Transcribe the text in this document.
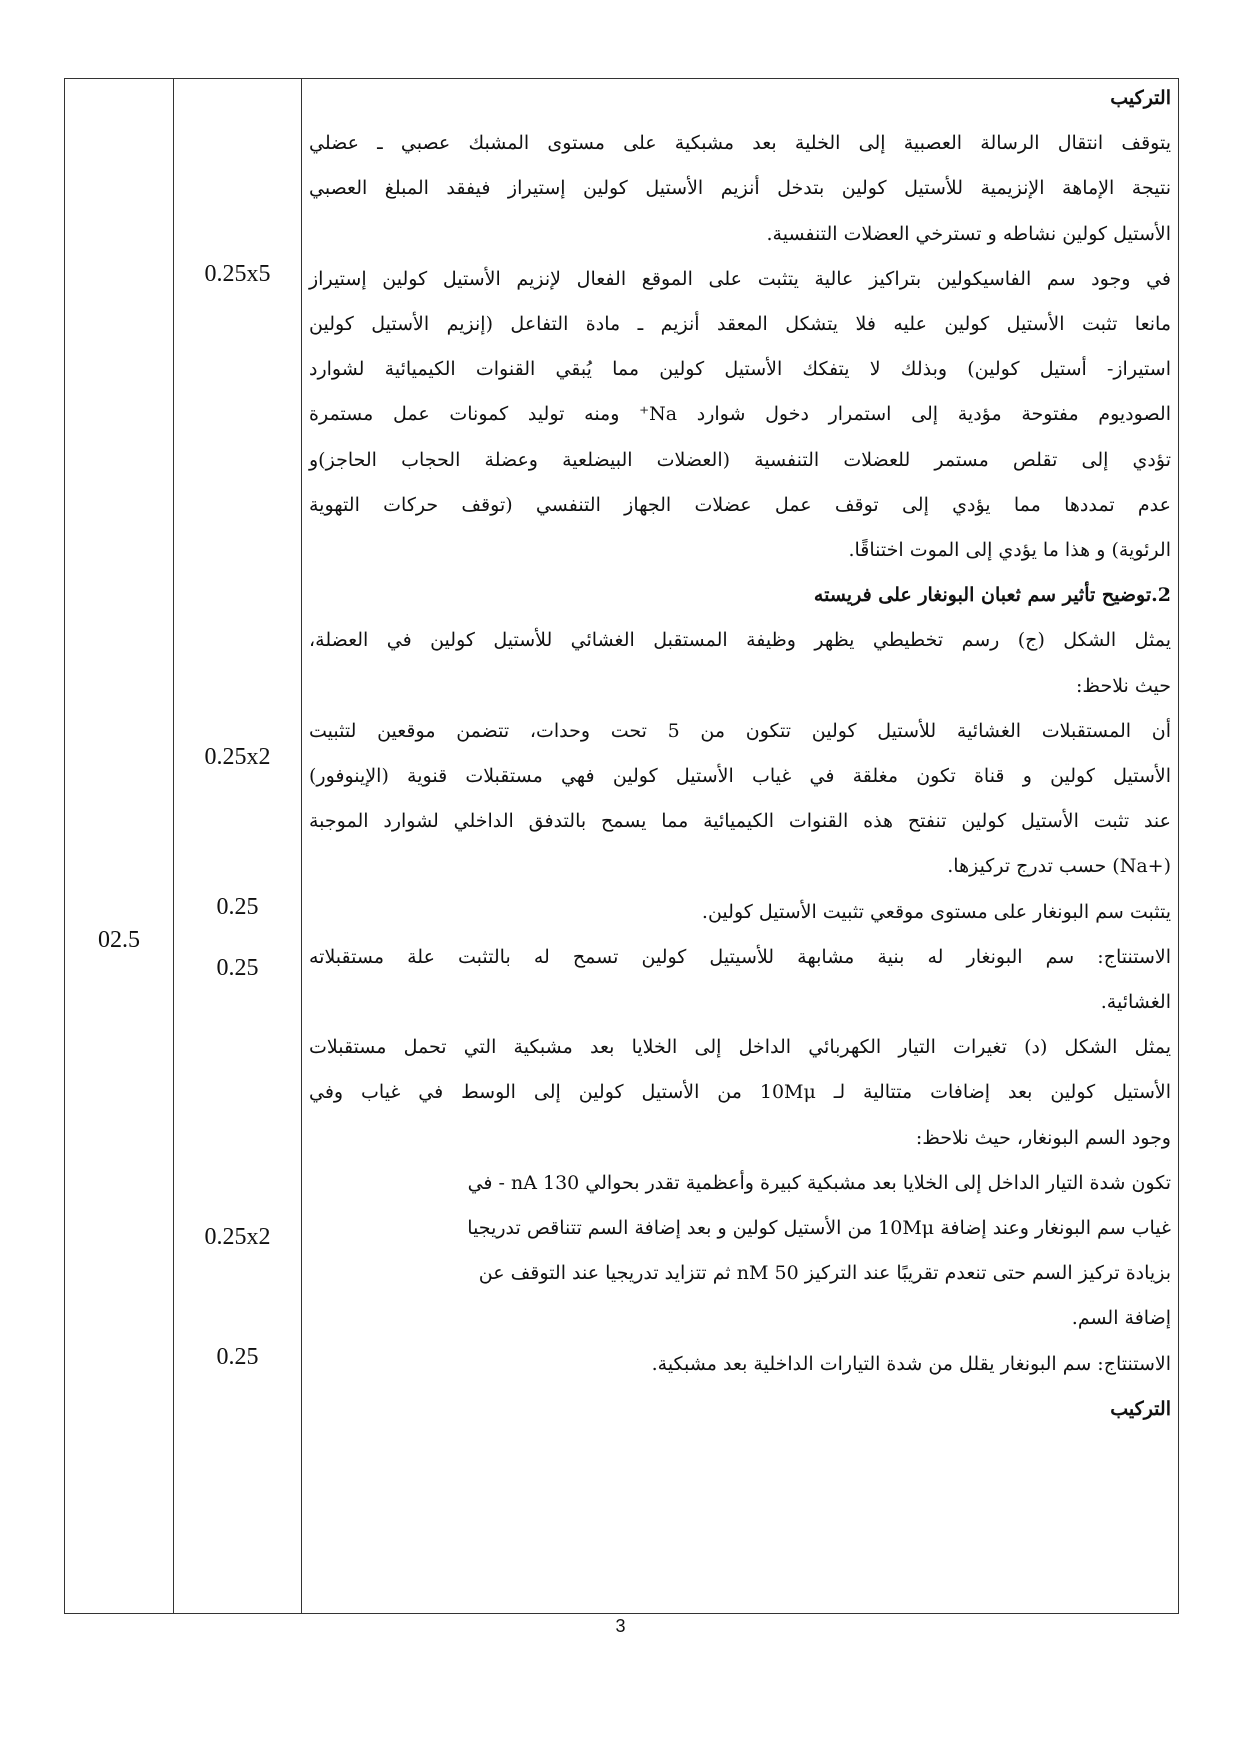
02.5
0.25x5
0.25x2
0.25
0.25
0.25x2
0.25
التركيب
يتوقف انتقال الرسالة العصبية إلى الخلية بعد مشبكية على مستوى المشبك عصبي ـ عضلي
نتيجة الإماهة الإنزيمية للأستيل كولين بتدخل أنزيم الأستيل كولين إستيراز فيفقد المبلغ العصبي
الأستيل كولين نشاطه و تسترخي العضلات التنفسية.
في وجود سم الفاسيكولين بتراكيز عالية يتثبت على الموقع الفعال لإنزيم الأستيل كولين إستيراز
مانعا تثبت الأستيل كولين عليه فلا يتشكل المعقد أنزيم ـ مادة التفاعل (إنزيم الأستيل كولين
استيراز- أستيل كولين) وبذلك لا يتفكك الأستيل كولين مما يُبقي القنوات الكيميائية لشوارد
الصوديوم مفتوحة مؤدية إلى استمرار دخول شوارد Na⁺ ومنه توليد كمونات عمل مستمرة
تؤدي إلى تقلص مستمر للعضلات التنفسية (العضلات البيضلعية وعضلة الحجاب الحاجز)و
عدم تمددها مما يؤدي إلى توقف عمل عضلات الجهاز التنفسي (توقف حركات التهوية
الرئوية) و هذا ما يؤدي إلى الموت اختناقًا.
2.توضيح تأثير سم ثعبان البونغار على فريسته
يمثل الشكل (ج) رسم تخطيطي يظهر وظيفة المستقبل الغشائي للأستيل كولين في العضلة،
حيث نلاحظ:
أن المستقبلات الغشائية للأستيل كولين تتكون من 5 تحت وحدات، تتضمن موقعين لتثبيت
الأستيل كولين و قناة تكون مغلقة في غياب الأستيل كولين فهي مستقبلات قنوية (الإينوفور)
عند تثبت الأستيل كولين تنفتح هذه القنوات الكيميائية مما يسمح بالتدفق الداخلي لشوارد الموجبة
(+Na) حسب تدرج تركيزها.
يتثبت سم البونغار على مستوى موقعي تثبيت الأستيل كولين.
الاستنتاج: سم البونغار له بنية مشابهة للأسيتيل كولين تسمح له بالتثبت علة مستقبلاته
الغشائية.
يمثل الشكل (د) تغيرات التيار الكهربائي الداخل إلى الخلايا بعد مشبكية التي تحمل مستقبلات
الأستيل كولين بعد إضافات متتالية لـ 10Mμ من الأستيل كولين إلى الوسط في غياب وفي
وجود السم البونغار، حيث نلاحظ:
تكون شدة التيار الداخل إلى الخلايا بعد مشبكية كبيرة وأعظمية تقدر بحوالي 130 nA - في
غياب سم البونغار وعند إضافة 10Mμ من الأستيل كولين و بعد إضافة السم تتناقص تدريجيا
بزيادة تركيز السم حتى تنعدم تقريبًا عند التركيز 50 nM ثم تتزايد تدريجيا عند التوقف عن
إضافة السم.
الاستنتاج: سم البونغار يقلل من شدة التيارات الداخلية بعد مشبكية.
التركيب
3
